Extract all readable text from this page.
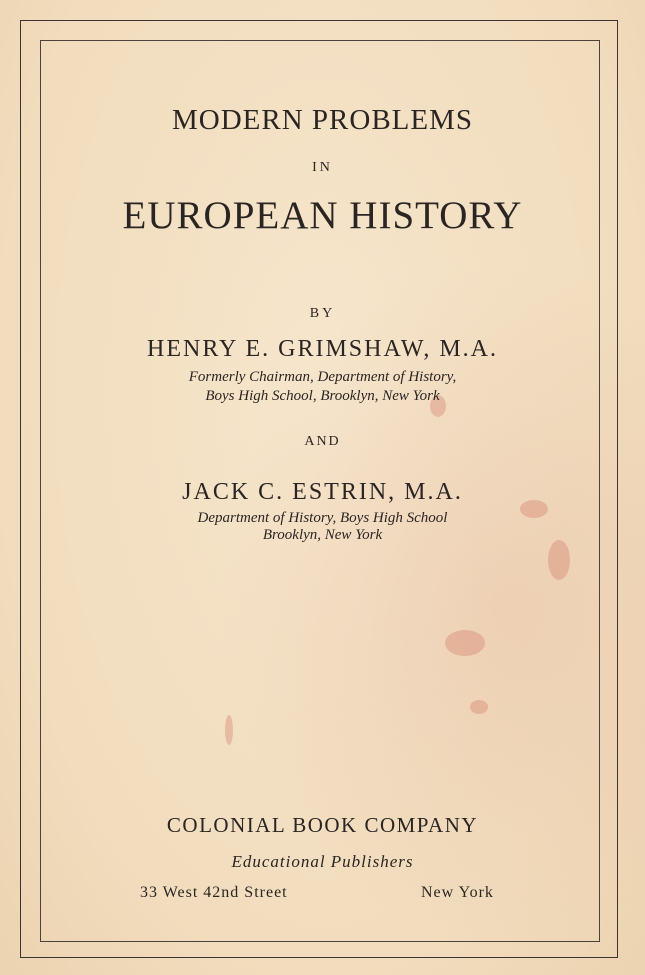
MODERN PROBLEMS
IN
EUROPEAN HISTORY
BY
HENRY E. GRIMSHAW, M.A.
Formerly Chairman, Department of History,
Boys High School, Brooklyn, New York
AND
JACK C. ESTRIN, M.A.
Department of History, Boys High School
Brooklyn, New York
COLONIAL BOOK COMPANY
Educational Publishers
33 West 42nd Street	New York
